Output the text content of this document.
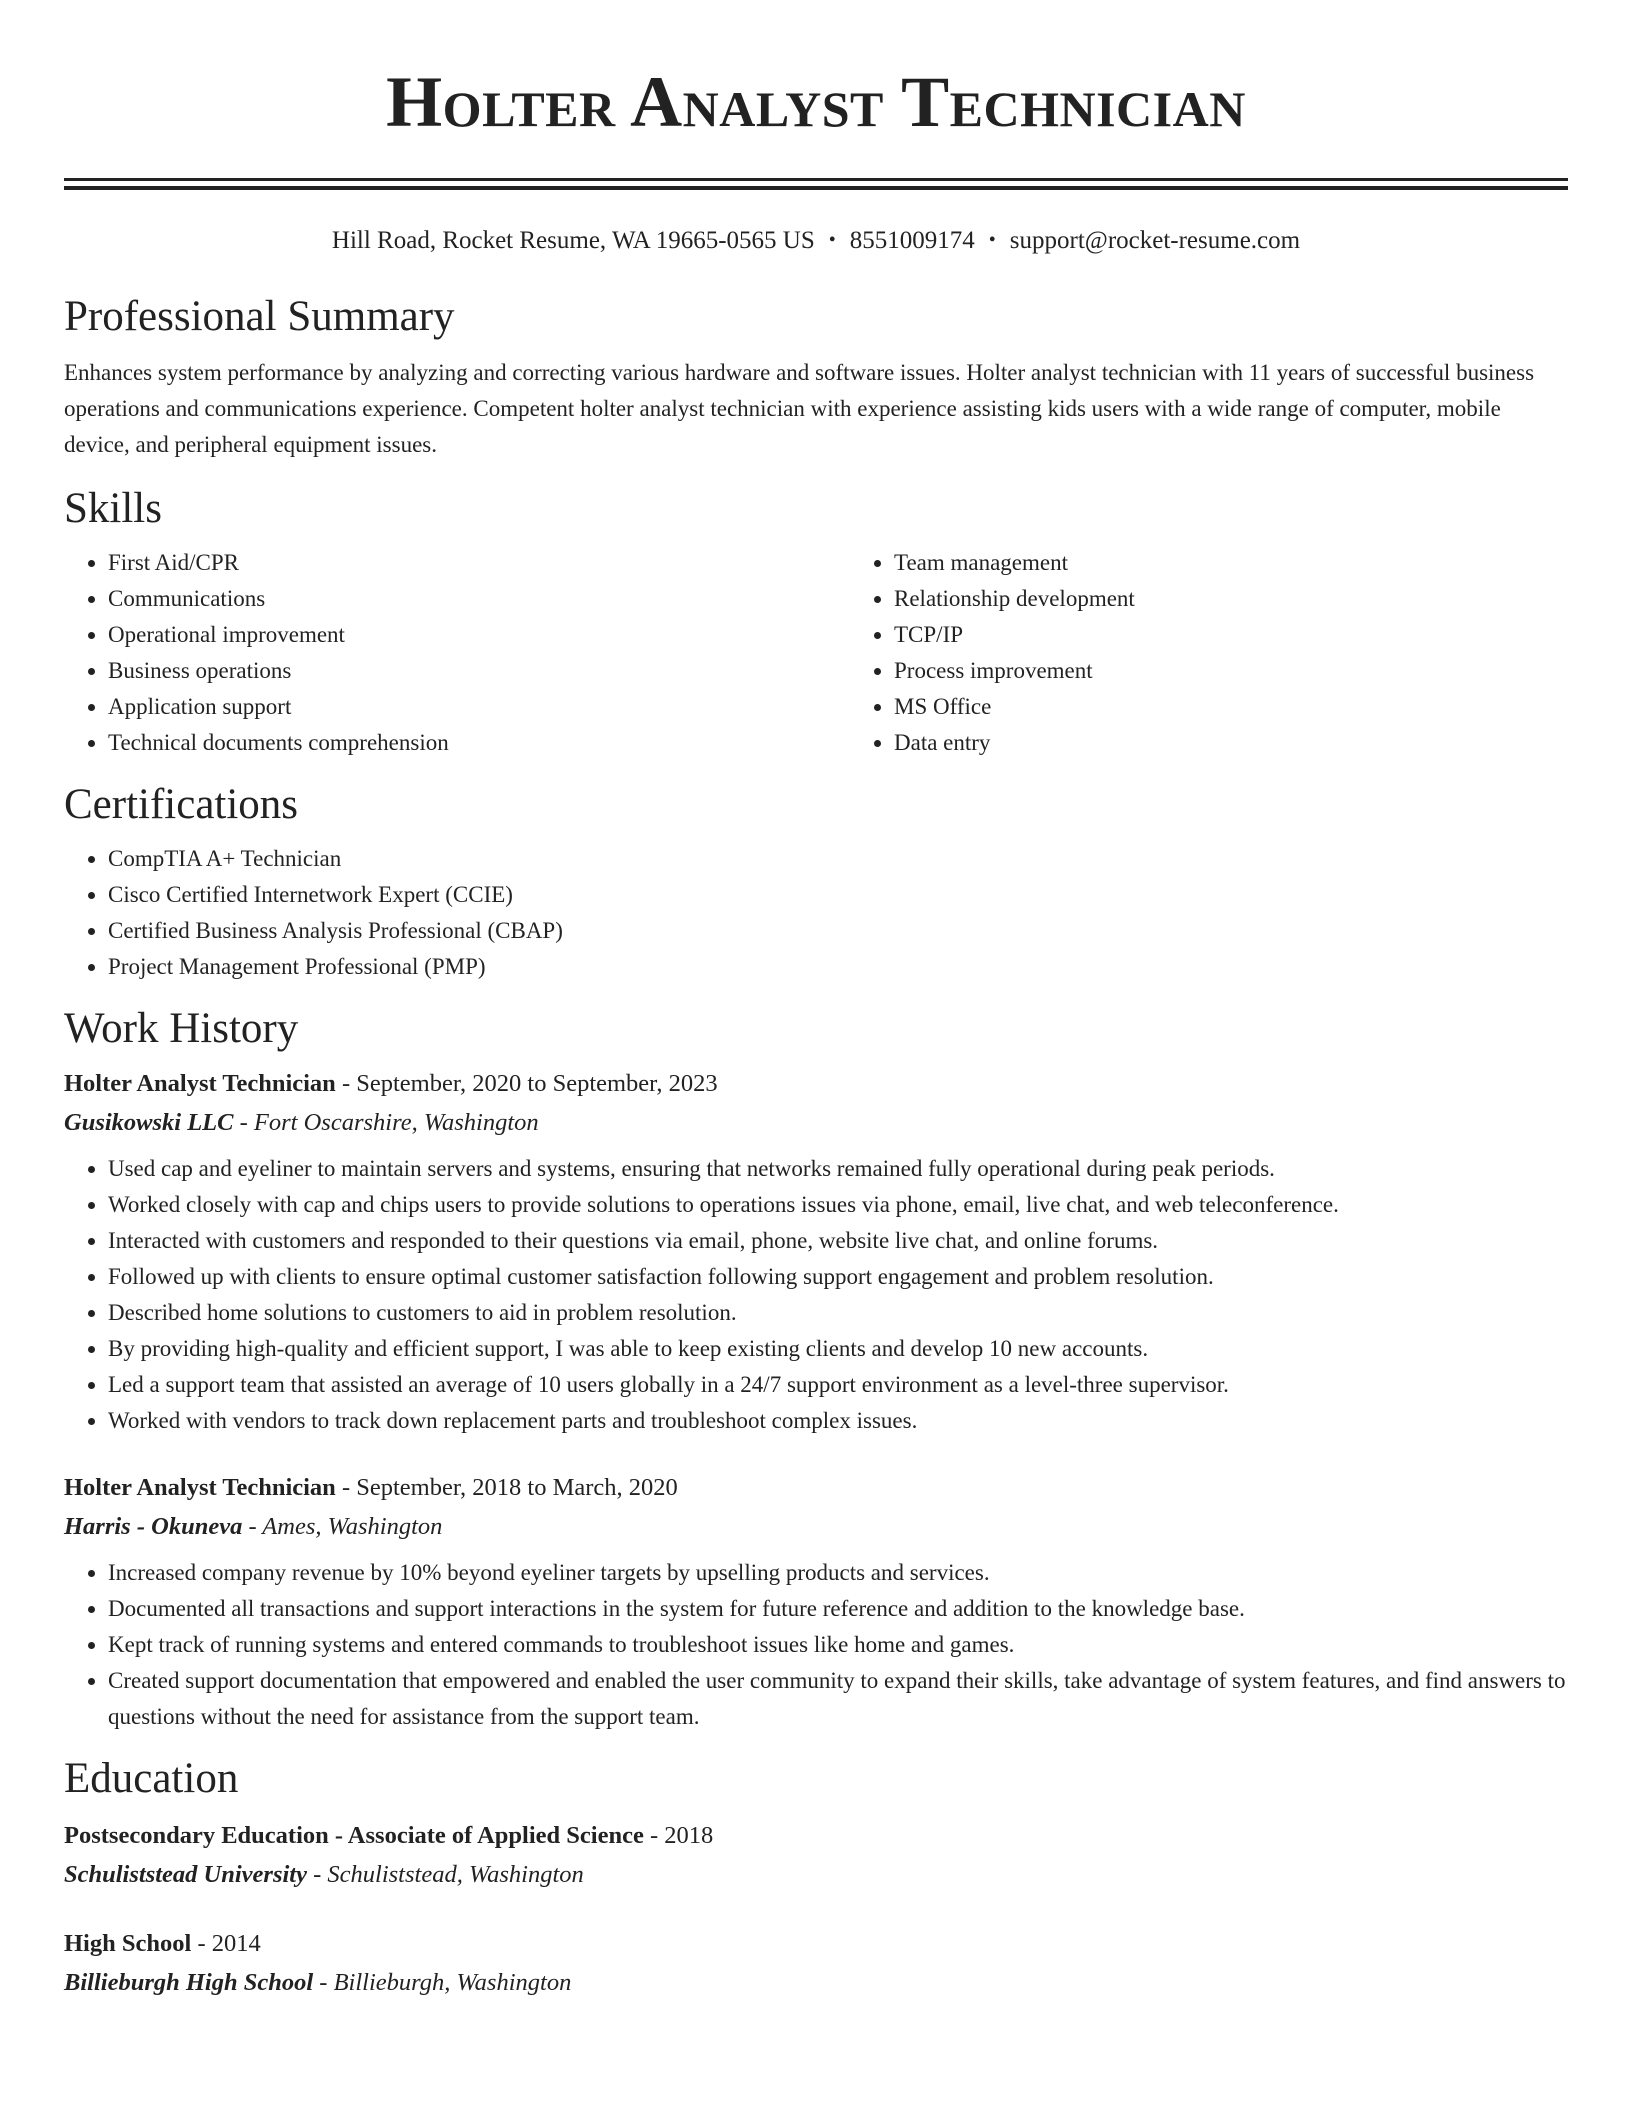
Holter Analyst Technician
Hill Road, Rocket Resume, WA 19665-0565 US • 8551009174 • support@rocket-resume.com
Professional Summary

Enhances system performance by analyzing and correcting various hardware and software issues. Holter analyst technician with 11 years of successful business operations and communications experience. Competent holter analyst technician with experience assisting kids users with a wide range of computer, mobile device, and peripheral equipment issues.

Skills
• First Aid/CPR
• Communications
• Operational improvement
• Business operations
• Application support
• Technical documents comprehension
• Team management
• Relationship development
• TCP/IP
• Process improvement
• MS Office
• Data entry
Certifications
• CompTIA A+ Technician
• Cisco Certified Internetwork Expert (CCIE)
• Certified Business Analysis Professional (CBAP)
• Project Management Professional (PMP)
Work History

Holter Analyst Technician - September, 2020 to September, 2023

Gusikowski LLC - Fort Oscarshire, Washington

• Used cap and eyeliner to maintain servers and systems, ensuring that networks remained fully operational during peak periods.
• Worked closely with cap and chips users to provide solutions to operations issues via phone, email, live chat, and web teleconference.
• Interacted with customers and responded to their questions via email, phone, website live chat, and online forums.
• Followed up with clients to ensure optimal customer satisfaction following support engagement and problem resolution.
• Described home solutions to customers to aid in problem resolution.
• By providing high-quality and efficient support, I was able to keep existing clients and develop 10 new accounts.
• Led a support team that assisted an average of 10 users globally in a 24/7 support environment as a level-three supervisor.
• Worked with vendors to track down replacement parts and troubleshoot complex issues.

Holter Analyst Technician - September, 2018 to March, 2020

Harris - Okuneva - Ames, Washington

• Increased company revenue by 10% beyond eyeliner targets by upselling products and services.
• Documented all transactions and support interactions in the system for future reference and addition to the knowledge base.
• Kept track of running systems and entered commands to troubleshoot issues like home and games.
• Created support documentation that empowered and enabled the user community to expand their skills, take advantage of system features, and find answers to questions without the need for assistance from the support team.
Education

Postsecondary Education - Associate of Applied Science - 2018

Schuliststead University - Schuliststead, Washington

High School - 2014

Billieburgh High School - Billieburgh, Washington
